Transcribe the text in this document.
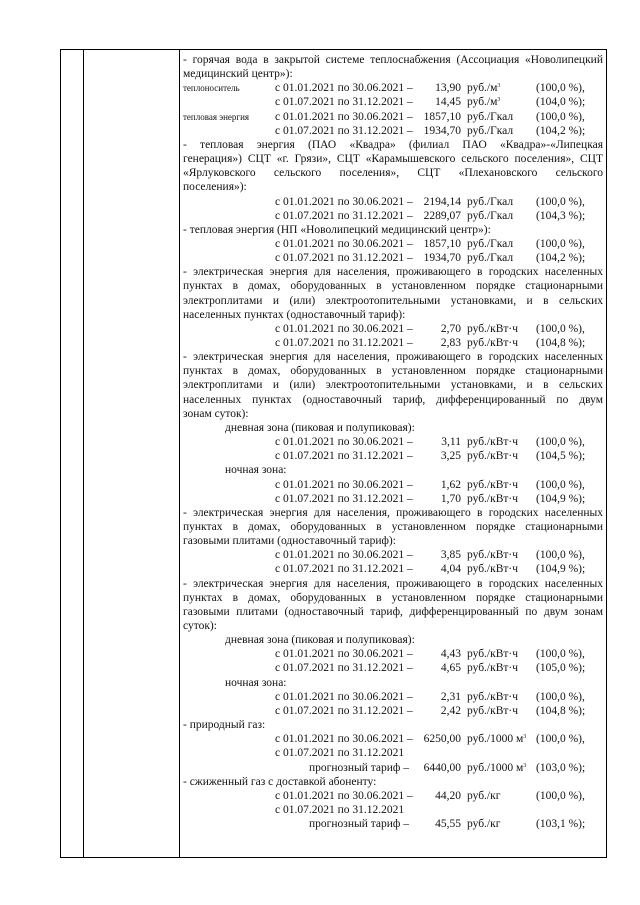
- горячая вода в закрытой системе теплоснабжения (Ассоциация «Новолипецкий
медицинский центр»):
теплоноситель	с 01.01.2021 по 30.06.2021 –	13,90 $руб./м^3$	(100,0 %),
с 01.07.2021 по 31.12.2021 –	14,45 $руб./м^3$	(104,0 %);
тепловая энергия с 01.01.2021 по 30.06.2021 – 1857,10 руб./Гкал (100,0 %),
с 01.07.2021 по 31.12.2021 – 1934,70 руб./Гкал (104,2 %);
- тепловая энергия (ПАО «Квадра» (филиал ПАО «Квадра»-«Липецкая
генерация») СЦТ «г. Грязи», СЦТ «Карамышевского сельского поселения», СЦТ
«Ярлуковского сельского поселения», СЦТ «Плехановского сельского
поселения»):
с 01.01.2021 по 30.06.2021 – 2194,14 руб./Гкал (100,0 %),
с 01.07.2021 по 31.12.2021 – 2289,07 руб./Гкал (104,3 %);
- тепловая энергия (НП «Новолипецкий медицинский центр»):
с 01.01.2021 по 30.06.2021 – 1857,10 руб./Гкал (100,0 %),
с 01.07.2021 по 31.12.2021 – 1934,70 руб./Гкал (104,2 %);
- электрическая энергия для населения, проживающего в городских населенных
пунктах в домах, оборудованных в установленном порядке стационарными
электроплитами и (или) электроотопительными установками, и в сельских
населенных пунктах (одноставочный тариф):
с 01.01.2021 по 30.06.2021 –	2,70 руб./кВт·ч (100,0 %),
с 01.07.2021 по 31.12.2021 –	2,83 руб./кВт·ч (104,8 %);
- электрическая энергия для населения, проживающего в городских населенных
пунктах в домах, оборудованных в установленном порядке стационарными
электроплитами и (или) электроотопительными установками, и в сельских
населенных пунктах (одноставочный тариф, дифференцированный по двум
зонам суток):
дневная зона (пиковая и полупиковая):
с 01.01.2021 по 30.06.2021 –	3,11 руб./кВт·ч (100,0 %),
с 01.07.2021 по 31.12.2021 –	3,25 руб./кВт·ч (104,5 %);
ночная зона:
с 01.01.2021 по 30.06.2021 –	1,62 руб./кВт·ч (100,0 %),
с 01.07.2021 по 31.12.2021 –	1,70 руб./кВт·ч (104,9 %);
- электрическая энергия для населения, проживающего в городских населенных
пунктах в домах, оборудованных в установленном порядке стационарными
газовыми плитами (одноставочный тариф):
с 01.01.2021 по 30.06.2021 –	3,85 руб./кВт·ч (100,0 %),
с 01.07.2021 по 31.12.2021 –	4,04 руб./кВт·ч (104,9 %);
- электрическая энергия для населения, проживающего в городских населенных
пунктах в домах, оборудованных в установленном порядке стационарными
газовыми плитами (одноставочный тариф, дифференцированный по двум зонам
суток):
дневная зона (пиковая и полупиковая):
с 01.01.2021 по 30.06.2021 –	4,43 руб./кВт·ч (100,0 %),
с 01.07.2021 по 31.12.2021 –	4,65 руб./кВт·ч (105,0 %);
ночная зона:
с 01.01.2021 по 30.06.2021 –	2,31 руб./кВт·ч (100,0 %),
с 01.07.2021 по 31.12.2021 –	2,42 руб./кВт·ч (104,8 %);
- природный газ:
с 01.01.2021 по 30.06.2021 – 6250,00 руб./1000 $м^3$ (100,0 %),
с 01.07.2021 по 31.12.2021
прогнозный тариф –	6440,00 руб./1000 $м^3$ (103,0 %);
- сжиженный газ с доставкой абоненту:
с 01.01.2021 по 30.06.2021 –	44,20 руб./кг	(100,0 %),
с 01.07.2021 по 31.12.2021
прогнозный тариф –	45,55 руб./кг	(103,1 %);
